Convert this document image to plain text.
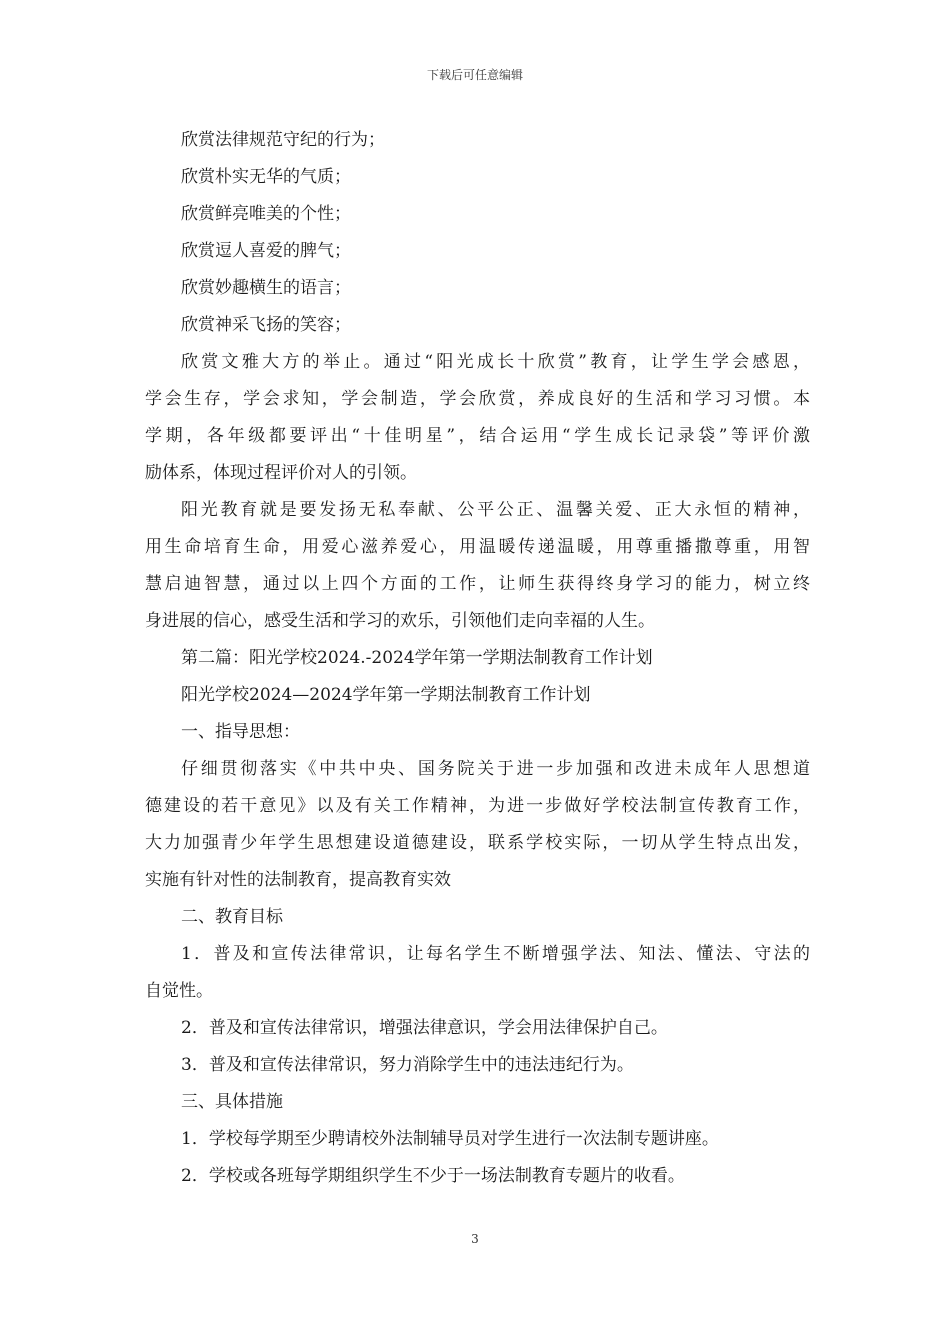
下载后可任意编辑
欣赏法律规范守纪的行为；
欣赏朴实无华的气质；
欣赏鲜亮唯美的个性；
欣赏逗人喜爱的脾气；
欣赏妙趣横生的语言；
欣赏神采飞扬的笑容；
欣赏文雅大方的举止。通过“阳光成长十欣赏”教育，让学生学会感恩，
学会生存，学会求知，学会制造，学会欣赏，养成良好的生活和学习习惯。本
学期，各年级都要评出“十佳明星”，结合运用“学生成长记录袋”等评价激
励体系，体现过程评价对人的引领。
阳光教育就是要发扬无私奉献、公平公正、温馨关爱、正大永恒的精神，
用生命培育生命，用爱心滋养爱心，用温暖传递温暖，用尊重播撒尊重，用智
慧启迪智慧，通过以上四个方面的工作，让师生获得终身学习的能力，树立终
身进展的信心，感受生活和学习的欢乐，引领他们走向幸福的人生。
第二篇：阳光学校2024.-2024学年第一学期法制教育工作计划
阳光学校2024—2024学年第一学期法制教育工作计划
一、指导思想：
仔细贯彻落实《中共中央、国务院关于进一步加强和改进未成年人思想道
德建设的若干意见》以及有关工作精神，为进一步做好学校法制宣传教育工作，
大力加强青少年学生思想建设道德建设，联系学校实际，一切从学生特点出发，
实施有针对性的法制教育，提高教育实效
二、教育目标
1．普及和宣传法律常识，让每名学生不断增强学法、知法、懂法、守法的
自觉性。
2．普及和宣传法律常识，增强法律意识，学会用法律保护自己。
3．普及和宣传法律常识，努力消除学生中的违法违纪行为。
三、具体措施
1．学校每学期至少聘请校外法制辅导员对学生进行一次法制专题讲座。
2．学校或各班每学期组织学生不少于一场法制教育专题片的收看。
3
